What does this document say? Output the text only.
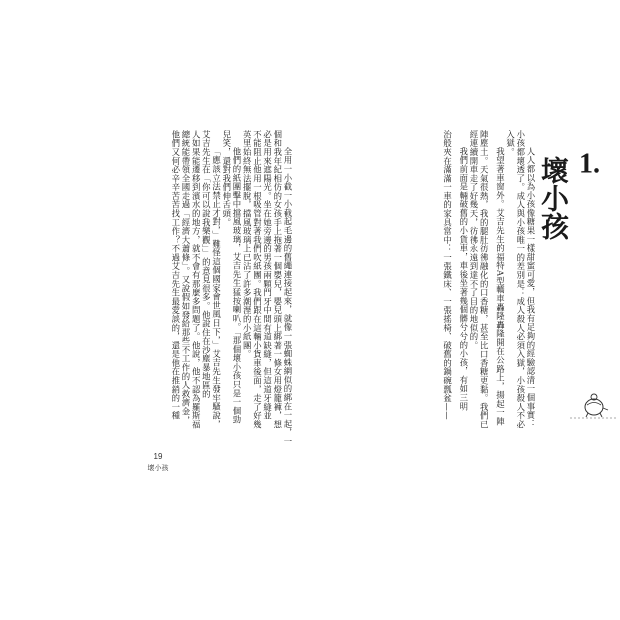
全用一小截一小截起毛邊的舊繩連接起來，就像一張蜘蛛網似的綁在一起，一

個和我年紀相仿的女孩手上拖著一個嬰兒，嬰兒頭上綁著一條女用燈籠褲，想

必是用來遮陽光。坐在她旁邊的男孩兩顆門牙中間有道缺縫，但這道牙縫並

不能阻止他用一根吸管對著我們吹紙團。我們跟在這輛小貨車後面，走了好幾

英里始終無法擺脫，擋風玻璃上已沾了許多潮溼的小紙團。

他們的紙團擊中擋風玻璃，艾吉先生猛按喇叭。「那個壞小孩只是一個勁

兒笑，還對我們伸舌頭。

「應該立法禁止才對，」難怪這個國家會世風日下，」艾吉先生發牢騷說，

艾吉先生在「你可以說我樂觀」」的意見很多。他說住在沙塵暴地區的

人如果能遷移到濱水的地方，就不會有那麼多問題了。他說，他不認為羅斯福

總統能帶領全國走過「經濟大蕭條」。又說假如發給那些不工作的人救濟金，

他們又何必辛辛苦苦找工作？不過艾吉先生最愛談的，還是他在推銷的一種

19
壞小孩
1. 壞小孩

人人都以為小孩像糖果一樣甜蜜可愛，但我有足夠的經驗認清一個事實：

小孩都壞透了。成人與小孩唯一的差別是：成人殺人必須入獄，小孩殺人不必

入獄。

我望著車窗外。艾吉先生的福特A型轎車轟隆轟隆開在公路上，揚起一陣

陣塵土。天氣很熱，我的腿肚彷彿融化的口香糖，甚至比口香糖更黏。我們已

經連續開車走了好幾天，彷彿永遠到達不了目的地似的。

我們前面是輛破舊的小貨車，車後坐著幾個髒兮兮的小孩，有如三明

治般夾在滿滿一車的家具當中：一張鐵床、一張搖椅、破舊的鍋碗瓢盆——
